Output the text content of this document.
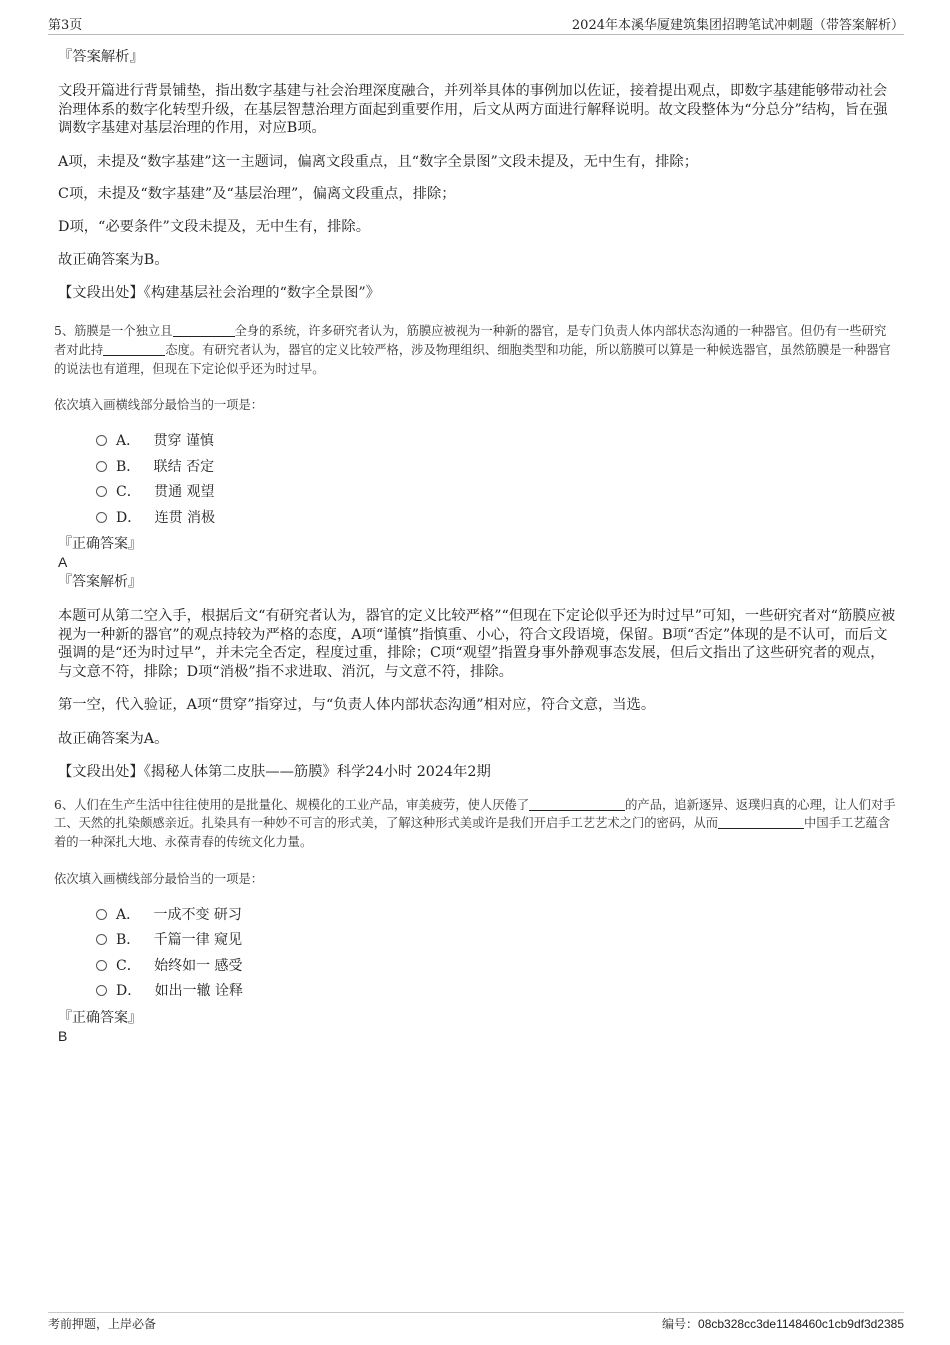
第3页	2024年本溪华厦建筑集团招聘笔试冲刺题（带答案解析）

『答案解析』

文段开篇进行背景铺垫，指出数字基建与社会治理深度融合，并列举具体的事例加以佐证，接着提出观点，即数字基建能够带动社会治理体系的数字化转型升级，在基层智慧治理方面起到重要作用，后文从两方面进行解释说明。故文段整体为“分总分”结构，旨在强调数字基建对基层治理的作用，对应B项。

A项，未提及“数字基建”这一主题词，偏离文段重点，且“数字全景图”文段未提及，无中生有，排除；

C项，未提及“数字基建”及“基层治理”，偏离文段重点，排除；

D项，“必要条件”文段未提及，无中生有，排除。

故正确答案为B。

【文段出处】《构建基层社会治理的“数字全景图”》

5、筋膜是一个独立且	全身的系统，许多研究者认为，筋膜应被视为一种新的器官，是专门负责人体内部状态沟通的一种器官。但仍有一些研究者对此持	态度。有研究者认为，器官的定义比较严格，涉及物理组织、细胞类型和功能，所以筋膜可以算是一种候选器官，虽然筋膜是一种器官的说法也有道理，但现在下定论似乎还为时过早。

依次填入画横线部分最恰当的一项是：

A． 贯穿 谨慎
B． 联结 否定
C． 贯通 观望
D． 连贯 消极

『正确答案』

A

『答案解析』

本题可从第二空入手，根据后文“有研究者认为，器官的定义比较严格”“但现在下定论似乎还为时过早”可知，一些研究者对“筋膜应被视为一种新的器官”的观点持较为严格的态度，A项“谨慎”指慎重、小心，符合文段语境，保留。B项“否定”体现的是不认可，而后文强调的是“还为时过早”，并未完全否定，程度过重，排除；C项“观望”指置身事外静观事态发展，但后文指出了这些研究者的观点，与文意不符，排除；D项“消极”指不求进取、消沉，与文意不符，排除。

第一空，代入验证，A项“贯穿”指穿过，与“负责人体内部状态沟通”相对应，符合文意，当选。

故正确答案为A。

【文段出处】《揭秘人体第二皮肤——筋膜》科学24小时 2024年2期

6、人们在生产生活中往往使用的是批量化、规模化的工业产品，审美疲劳，使人厌倦了	的产品，追新逐异、返璞归真的心理，让人们对手工、天然的扎染颇感亲近。扎染具有一种妙不可言的形式美，了解这种形式美或许是我们开启手工艺艺术之门的密码，从而	中国手工艺蕴含着的一种深扎大地、永葆青春的传统文化力量。

依次填入画横线部分最恰当的一项是：

A． 一成不变 研习
B． 千篇一律 窥见
C． 始终如一 感受
D． 如出一辙 诠释

『正确答案』

B

考前押题，上岸必备	编号：08cb328cc3de1148460c1cb9df3d2385
